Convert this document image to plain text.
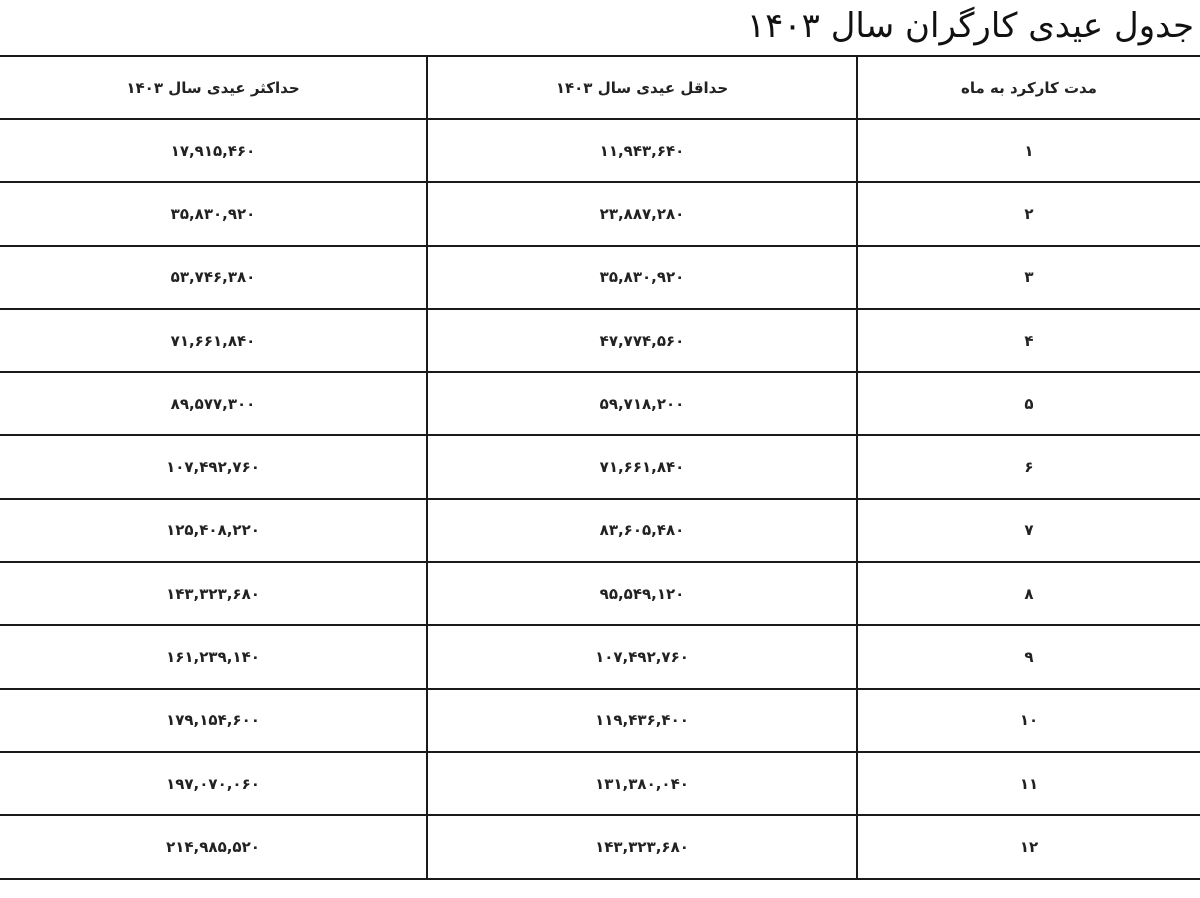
جدول عیدی کارگران سال ۱۴۰۳
مدت کارکرد به ماه	حداقل عیدی سال ۱۴۰۳	حداکثر عیدی سال ۱۴۰۳
۱	۱۱,۹۴۳,۶۴۰	۱۷,۹۱۵,۴۶۰
۲	۲۳,۸۸۷,۲۸۰	۳۵,۸۳۰,۹۲۰
۳	۳۵,۸۳۰,۹۲۰	۵۳,۷۴۶,۳۸۰
۴	۴۷,۷۷۴,۵۶۰	۷۱,۶۶۱,۸۴۰
۵	۵۹,۷۱۸,۲۰۰	۸۹,۵۷۷,۳۰۰
۶	۷۱,۶۶۱,۸۴۰	۱۰۷,۴۹۲,۷۶۰
۷	۸۳,۶۰۵,۴۸۰	۱۲۵,۴۰۸,۲۲۰
۸	۹۵,۵۴۹,۱۲۰	۱۴۳,۳۲۳,۶۸۰
۹	۱۰۷,۴۹۲,۷۶۰	۱۶۱,۲۳۹,۱۴۰
۱۰	۱۱۹,۴۳۶,۴۰۰	۱۷۹,۱۵۴,۶۰۰
۱۱	۱۳۱,۳۸۰,۰۴۰	۱۹۷,۰۷۰,۰۶۰
۱۲	۱۴۳,۳۲۳,۶۸۰	۲۱۴,۹۸۵,۵۲۰
